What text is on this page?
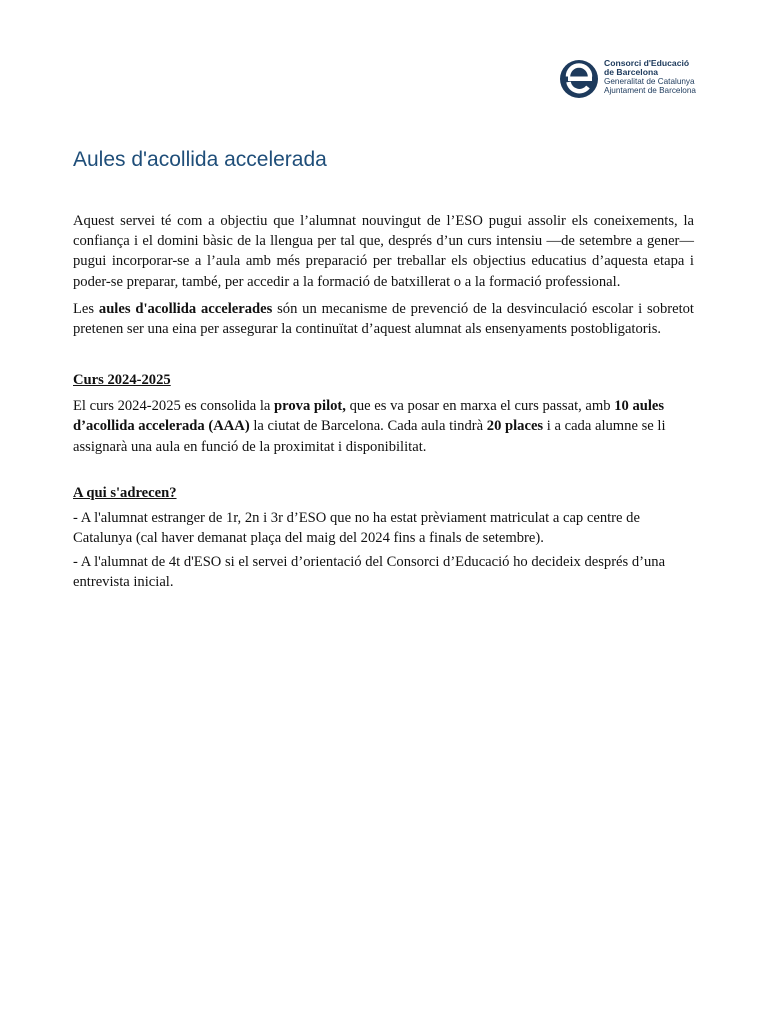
Consorci d'Educació
de Barcelona
Generalitat de Catalunya
Ajuntament de Barcelona
Aules d'acollida accelerada

Aquest servei té com a objectiu que l’alumnat nouvingut de l’ESO pugui assolir els coneixements, la confiança i el domini bàsic de la llengua per tal que, després d’un curs intensiu —de setembre a gener— pugui incorporar-se a l’aula amb més preparació per treballar els objectius educatius d’aquesta etapa i poder-se preparar, també, per accedir a la formació de batxillerat o a la formació professional.

Les aules d'acollida accelerades són un mecanisme de prevenció de la desvinculació escolar i sobretot pretenen ser una eina per assegurar la continuïtat d’aquest alumnat als ensenyaments postobligatoris.

Curs 2024-2025

El curs 2024-2025 es consolida la prova pilot, que es va posar en marxa el curs passat, amb 10 aules d’acollida accelerada (AAA) la ciutat de Barcelona. Cada aula tindrà 20 places i a cada alumne se li assignarà una aula en funció de la proximitat i disponibilitat.

A qui s'adrecen?

- A l'alumnat estranger de 1r, 2n i 3r d’ESO que no ha estat prèviament matriculat a cap centre de Catalunya (cal haver demanat plaça del maig del 2024 fins a finals de setembre).

- A l'alumnat de 4t d'ESO si el servei d’orientació del Consorci d’Educació ho decideix després d’una entrevista inicial.
